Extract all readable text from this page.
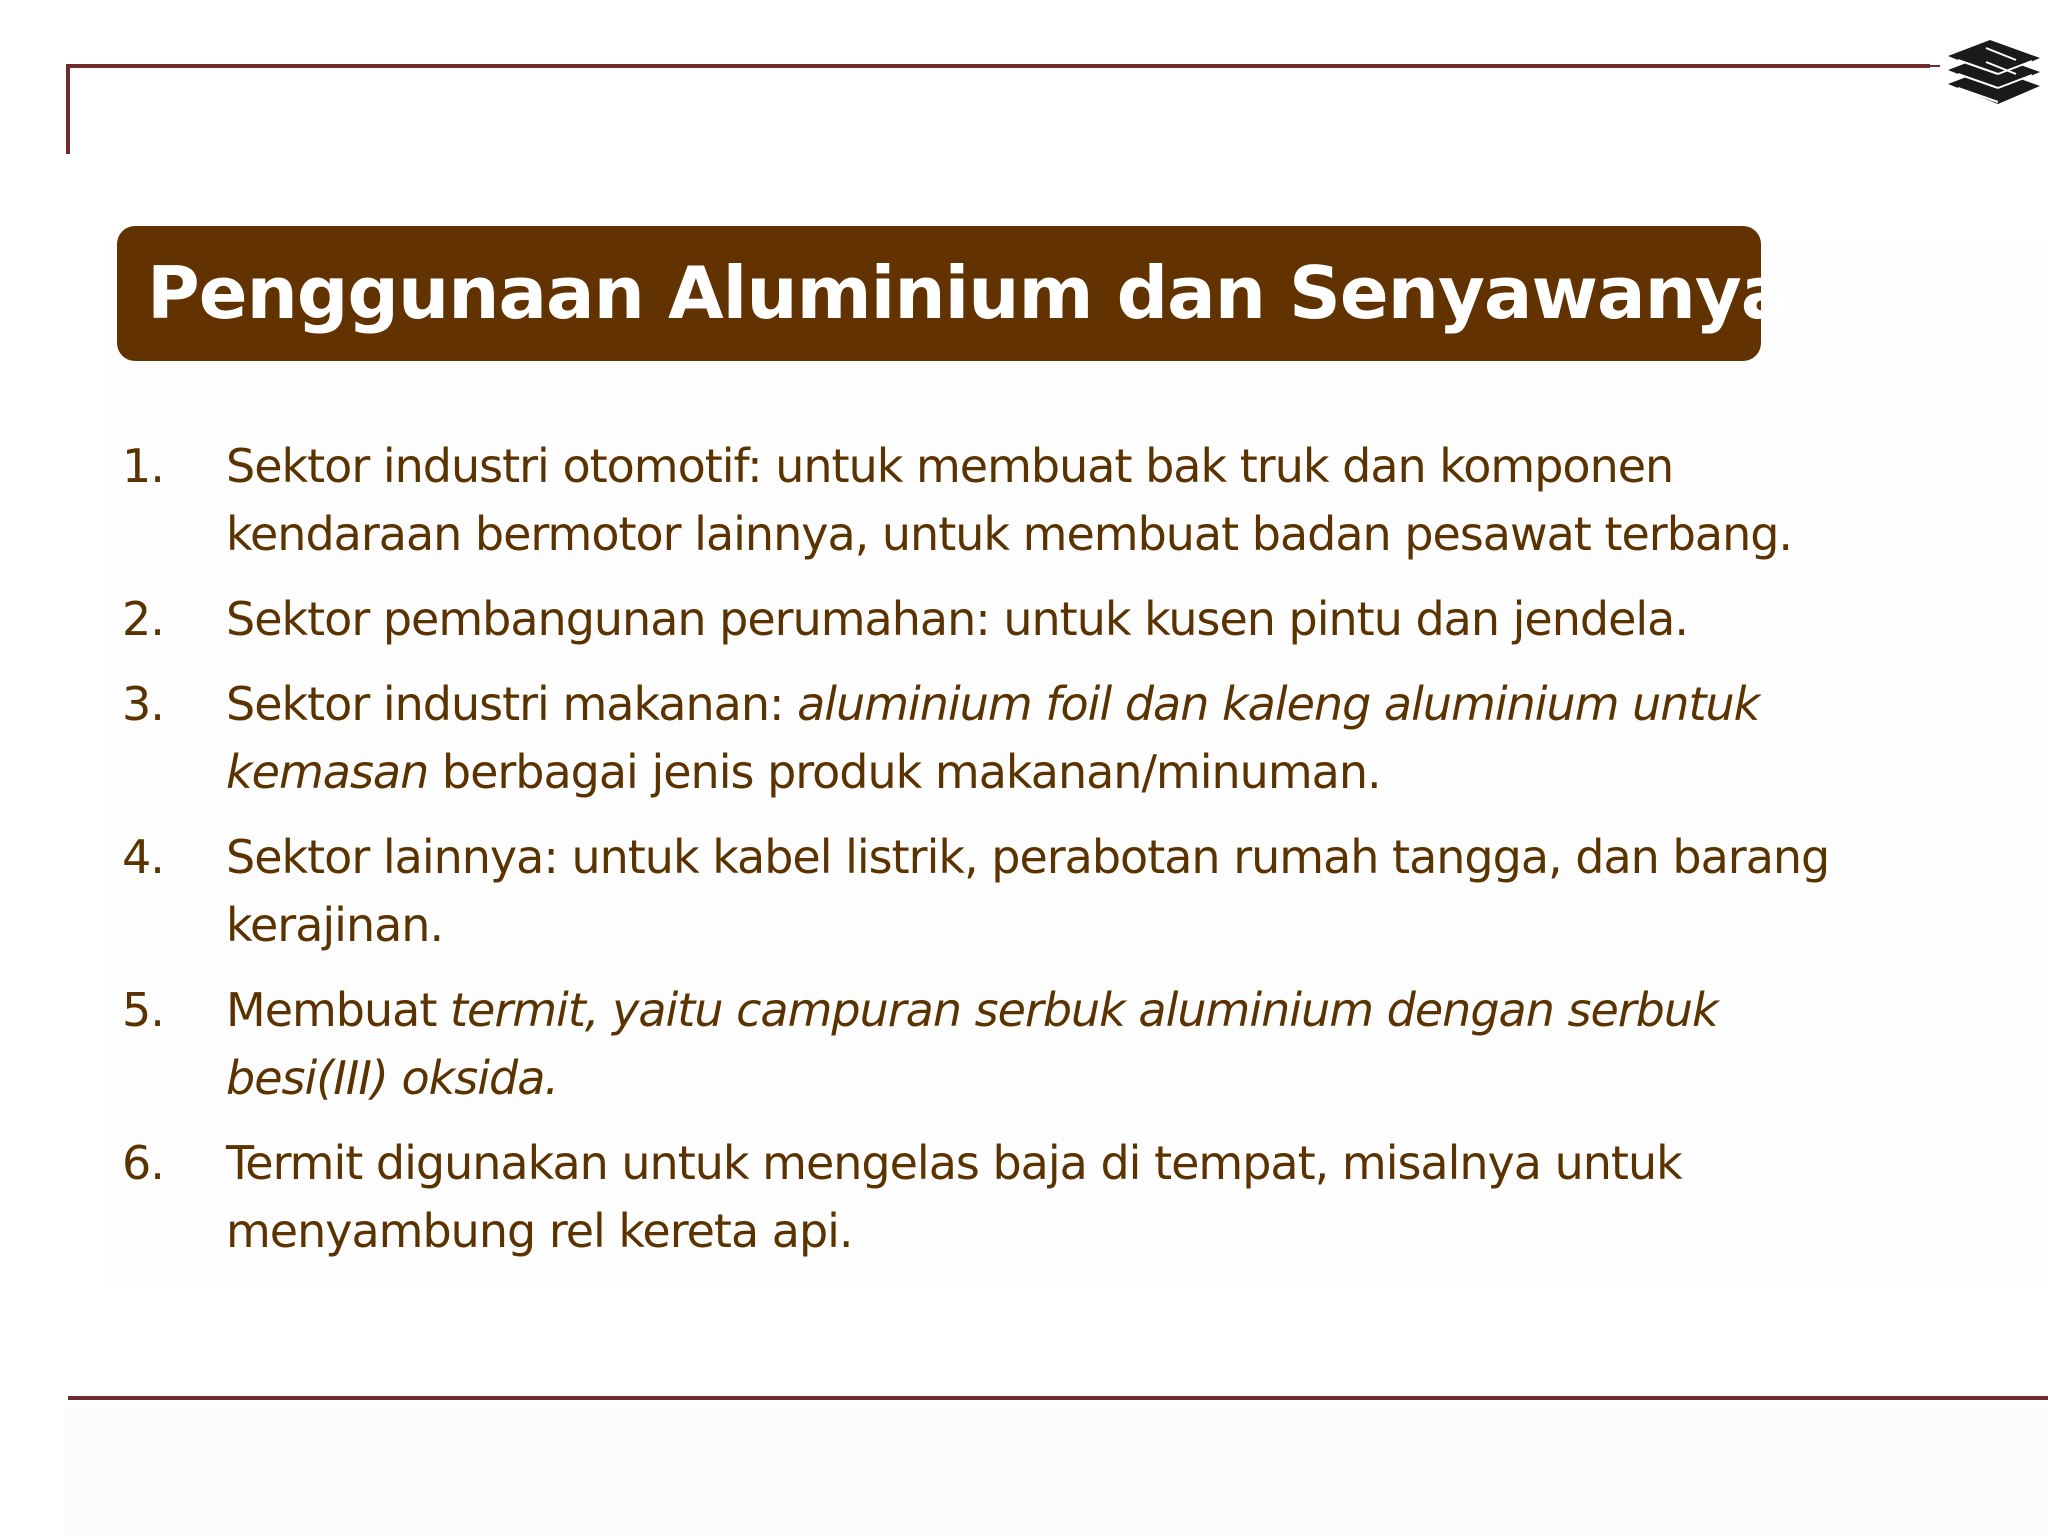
Penggunaan Aluminium dan Senyawanya
1. Sektor industri otomotif: untuk membuat bak truk dan komponen
kendaraan bermotor lainnya, untuk membuat badan pesawat terbang.
2. Sektor pembangunan perumahan: untuk kusen pintu dan jendela.
3. Sektor industri makanan: aluminium foil dan kaleng aluminium untuk
kemasan berbagai jenis produk makanan/minuman.
4. Sektor lainnya: untuk kabel listrik, perabotan rumah tangga, dan barang
kerajinan.
5. Membuat termit, yaitu campuran serbuk aluminium dengan serbuk
besi(III) oksida.
6. Termit digunakan untuk mengelas baja di tempat, misalnya untuk
menyambung rel kereta api.
